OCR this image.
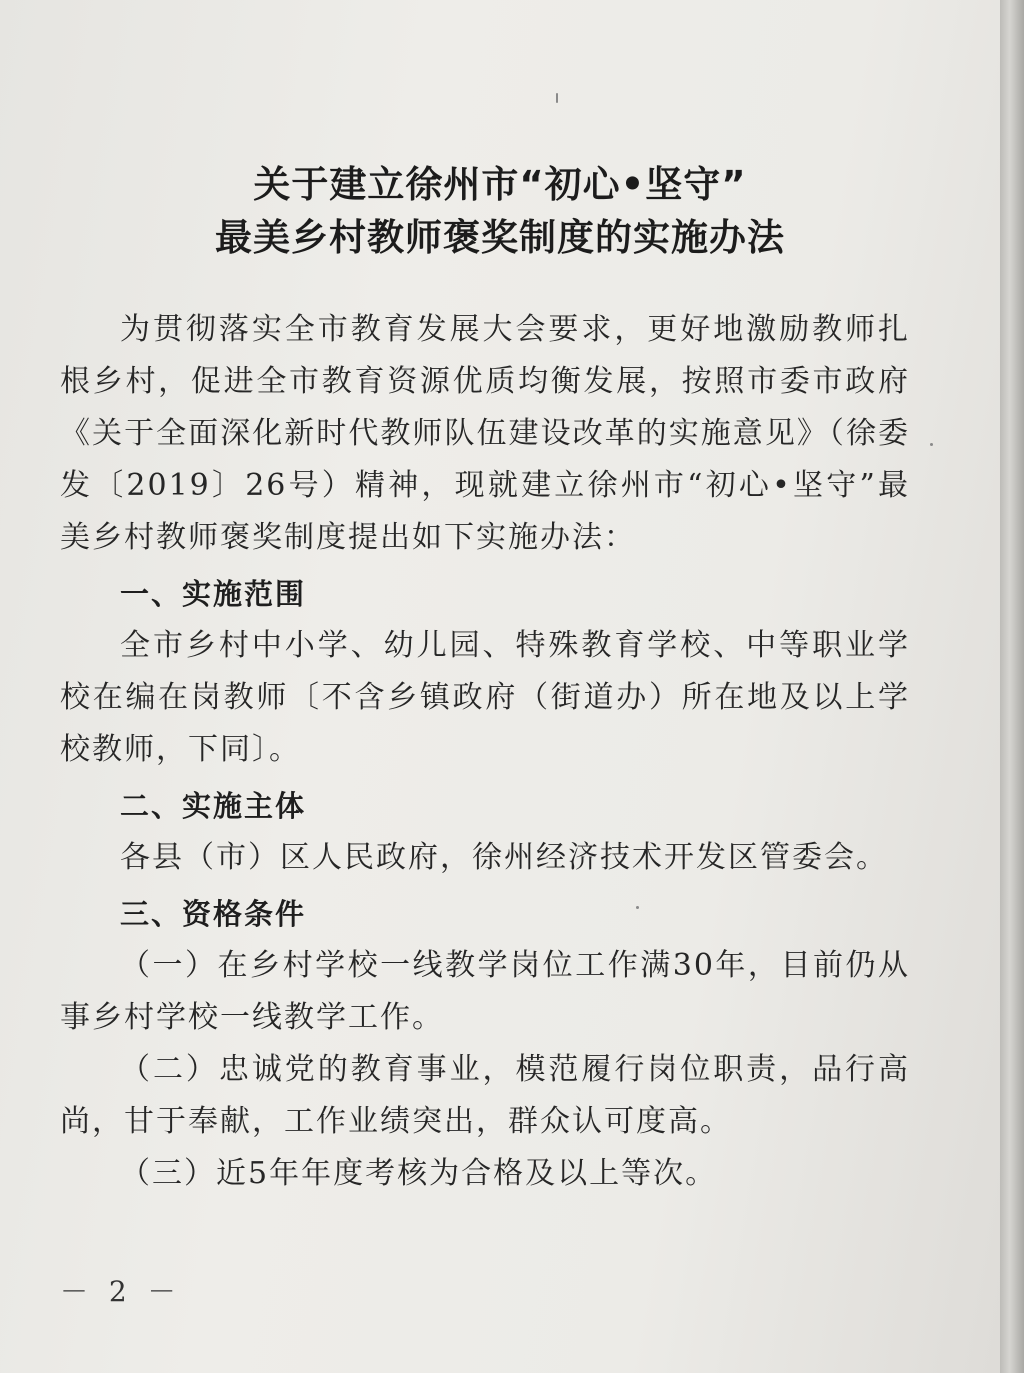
关于建立徐州市“初心•坚守”
最美乡村教师褒奖制度的实施办法

为贯彻落实全市教育发展大会要求，更好地激励教师扎根乡村，促进全市教育资源优质均衡发展，按照市委市政府《关于全面深化新时代教师队伍建设改革的实施意见》（徐委发〔2019〕26号）精神，现就建立徐州市“初心•坚守”最美乡村教师褒奖制度提出如下实施办法：

一、实施范围

全市乡村中小学、幼儿园、特殊教育学校、中等职业学校在编在岗教师〔不含乡镇政府（街道办）所在地及以上学校教师，下同〕。

二、实施主体

各县（市）区人民政府，徐州经济技术开发区管委会。

三、资格条件

（一）在乡村学校一线教学岗位工作满30年，目前仍从事乡村学校一线教学工作。

（二）忠诚党的教育事业，模范履行岗位职责，品行高尚，甘于奉献，工作业绩突出，群众认可度高。

（三）近5年年度考核为合格及以上等次。

－ 2 －
